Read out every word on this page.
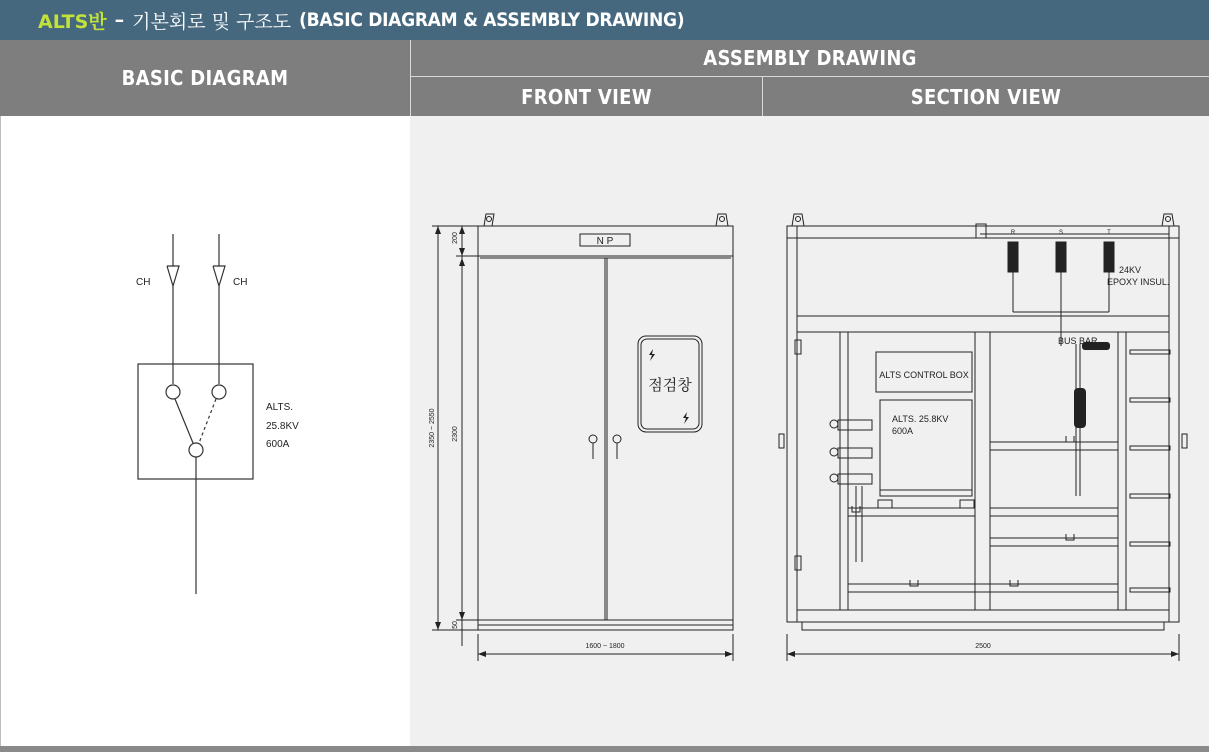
ALTS반 – 기본회로 및 구조도 (BASIC DIAGRAM & ASSEMBLY DRAWING)
BASIC DIAGRAM
ASSEMBLY DRAWING
FRONT VIEW	SECTION VIEW
CH	CH
ALTS.
25.8KV
600A
N P
점검창
2350 ~ 2550
200
2300
50
1600 ~ 1800
R	S	T
24KV
EPOXY INSUL.
BUS BAR
ALTS CONTROL BOX
ALTS. 25.8KV
600A
2500
